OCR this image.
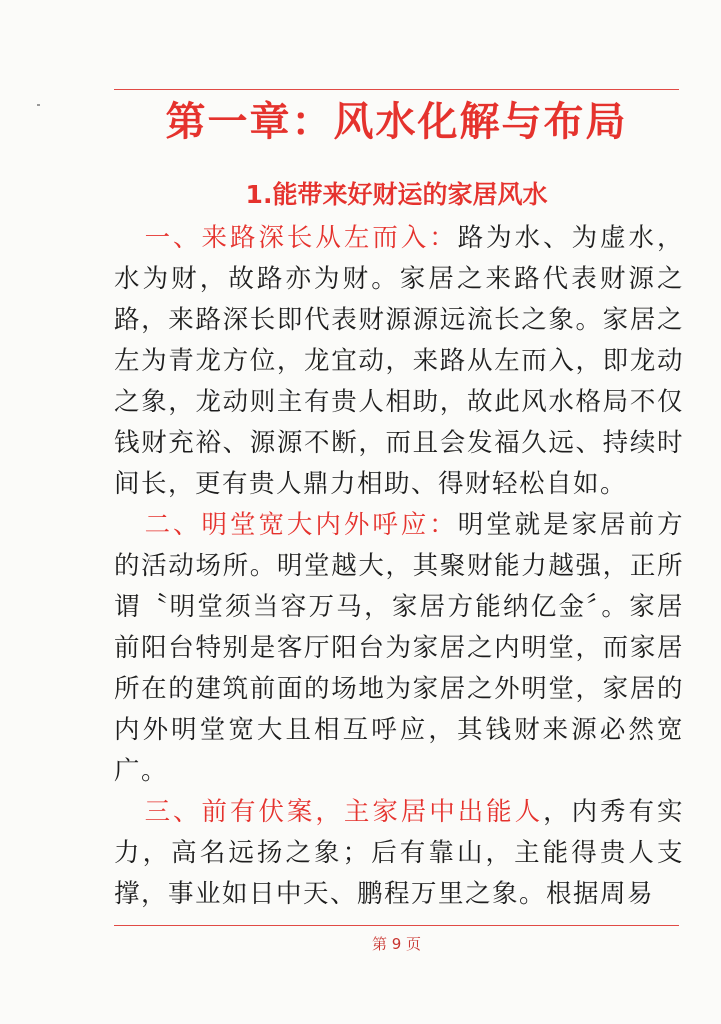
第一章：风水化解与布局
1.能带来好财运的家居风水

一、来路深长从左而入：路为水、为虚水，水为财，故路亦为财。家居之来路代表财源之路，来路深长即代表财源源远流长之象。家居之左为青龙方位，龙宜动，来路从左而入，即龙动之象，龙动则主有贵人相助，故此风水格局不仅钱财充裕、源源不断，而且会发福久远、持续时间长，更有贵人鼎力相助、得财轻松自如。

二、明堂宽大内外呼应：明堂就是家居前方的活动场所。明堂越大，其聚财能力越强，正所谓〝明堂须当容万马，家居方能纳亿金〞。家居前阳台特别是客厅阳台为家居之内明堂，而家居所在的建筑前面的场地为家居之外明堂，家居的内外明堂宽大且相互呼应，其钱财来源必然宽广。

三、前有伏案，主家居中出能人，内秀有实力，高名远扬之象；后有靠山，主能得贵人支撑，事业如日中天、鹏程万里之象。根据周易

第 9 页
